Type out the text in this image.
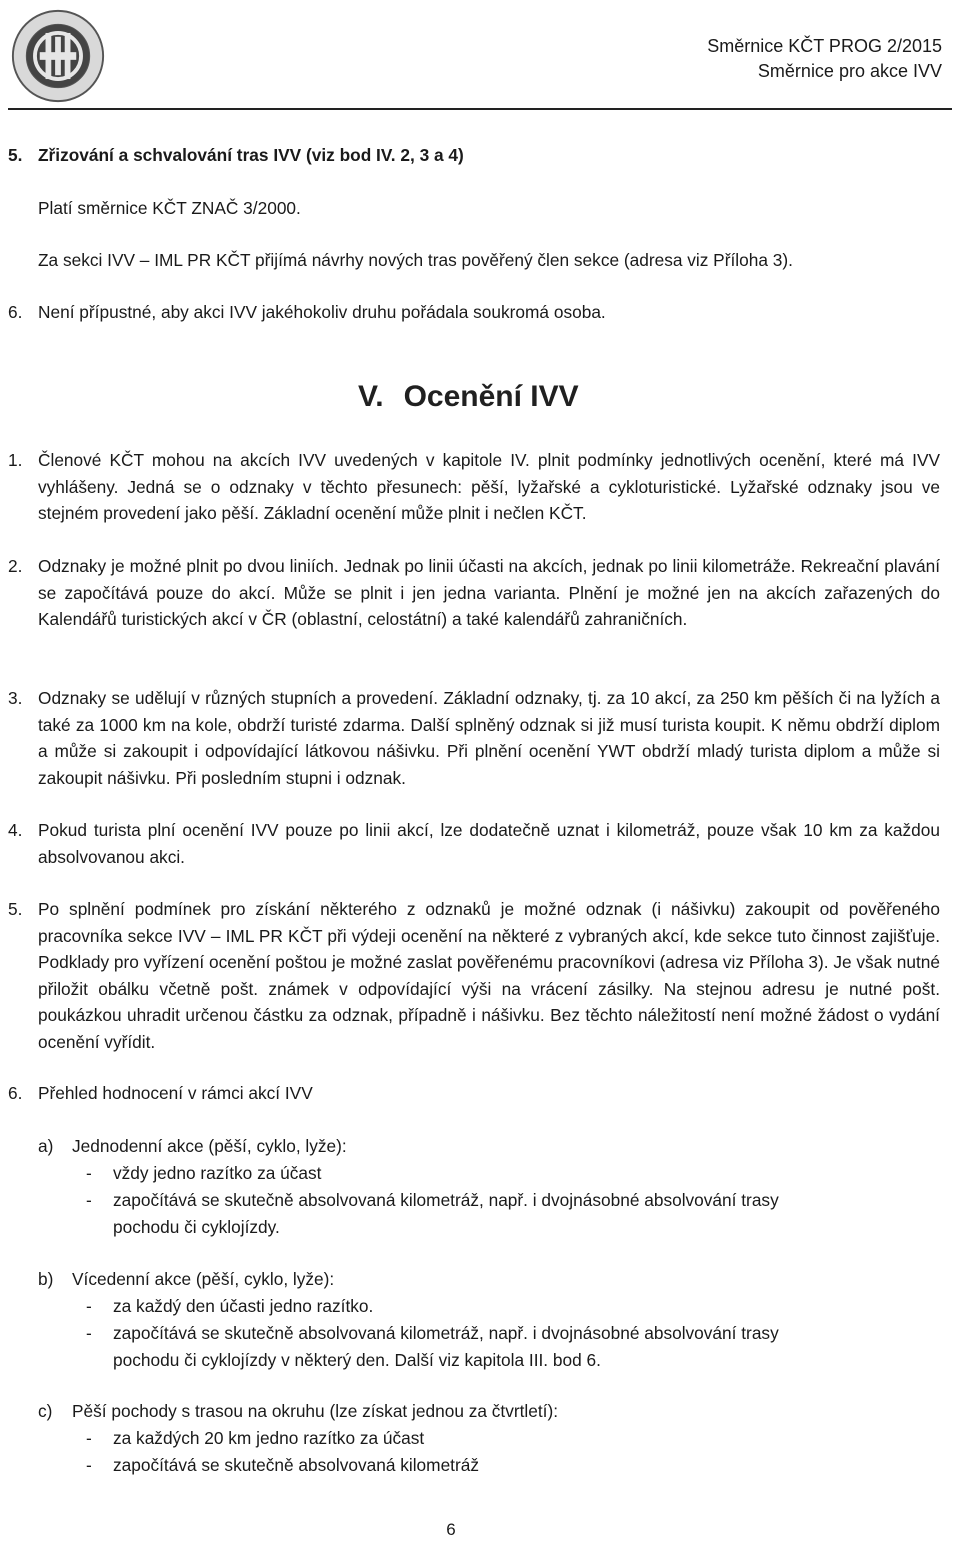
Směrnice KČT PROG 2/2015
Směrnice pro akce IVV
5. Zřizování a schvalování tras IVV (viz bod IV. 2, 3 a 4)
Platí směrnice KČT ZNAČ 3/2000.
Za sekci IVV – IML PR KČT přijímá návrhy nových tras pověřený člen sekce (adresa viz Příloha 3).
6. Není přípustné, aby akci IVV jakéhokoliv druhu pořádala soukromá osoba.
V. Ocenění IVV
1. Členové KČT mohou na akcích IVV uvedených v kapitole IV. plnit podmínky jednotlivých ocenění, které má IVV vyhlášeny. Jedná se o odznaky v těchto přesunech: pěší, lyžařské a cykloturistické. Lyžařské odznaky jsou ve stejném provedení jako pěší. Základní ocenění může plnit i nečlen KČT.
2. Odznaky je možné plnit po dvou liniích. Jednak po linii účasti na akcích, jednak po linii kilometráže. Rekreační plavání se započítává pouze do akcí. Může se plnit i jen jedna varianta. Plnění je možné jen na akcích zařazených do Kalendářů turistických akcí v ČR (oblastní, celostátní) a také kalendářů zahraničních.
3. Odznaky se udělují v různých stupních a provedení. Základní odznaky, tj. za 10 akcí, za 250 km pěších či na lyžích a také za 1000 km na kole, obdrží turisté zdarma. Další splněný odznak si již musí turista koupit. K němu obdrží diplom a může si zakoupit i odpovídající látkovou nášivku. Při plnění ocenění YWT obdrží mladý turista diplom a může si zakoupit nášivku. Při posledním stupni i odznak.
4. Pokud turista plní ocenění IVV pouze po linii akcí, lze dodatečně uznat i kilometráž, pouze však 10 km za každou absolvovanou akci.
5. Po splnění podmínek pro získání některého z odznaků je možné odznak (i nášivku) zakoupit od pověřeného pracovníka sekce IVV – IML PR KČT při výdeji ocenění na některé z vybraných akcí, kde sekce tuto činnost zajišťuje. Podklady pro vyřízení ocenění poštou je možné zaslat pověřenému pracovníkovi (adresa viz Příloha 3). Je však nutné přiložit obálku včetně pošt. známek v odpovídající výši na vrácení zásilky. Na stejnou adresu je nutné pošt. poukázkou uhradit určenou částku za odznak, případně i nášivku. Bez těchto náležitostí není možné žádost o vydání ocenění vyřídit.
6. Přehled hodnocení v rámci akcí IVV
a) Jednodenní akce (pěší, cyklo, lyže):
- vždy jedno razítko za účast
- započítává se skutečně absolvovaná kilometráž, např. i dvojnásobné absolvování trasy
pochodu či cyklojízdy.
b) Vícedenní akce (pěší, cyklo, lyže):
- za každý den účasti jedno razítko.
- započítává se skutečně absolvovaná kilometráž, např. i dvojnásobné absolvování trasy
pochodu či cyklojízdy v některý den. Další viz kapitola III. bod 6.
c) Pěší pochody s trasou na okruhu (lze získat jednou za čtvrtletí):
- za každých 20 km jedno razítko za účast
- započítává se skutečně absolvovaná kilometráž
6
